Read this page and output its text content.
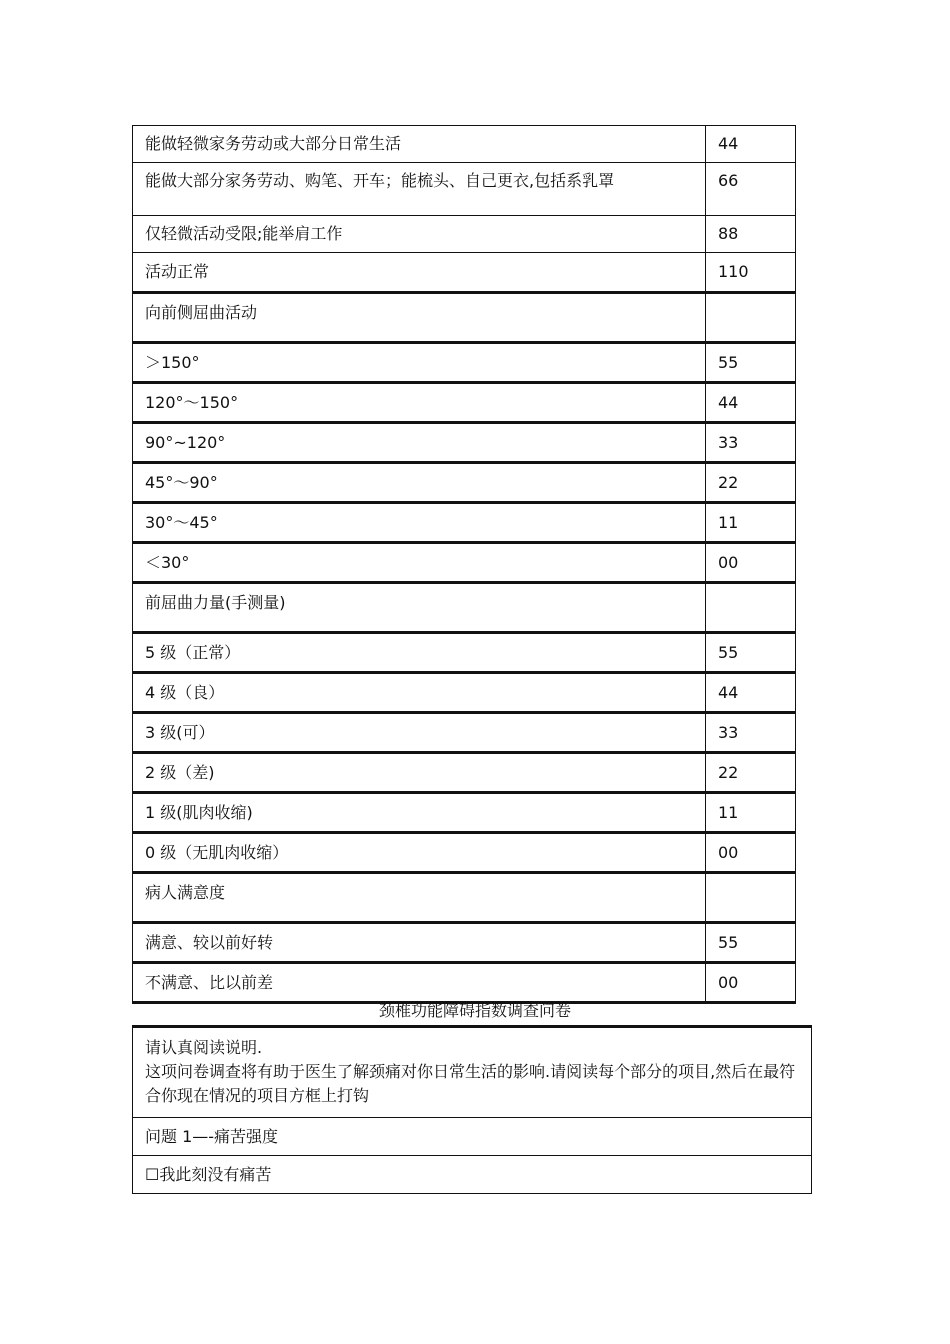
能做轻微家务劳动或大部分日常生活	44
能做大部分家务劳动、购笔、开车；能梳头、自己更衣,包括系乳罩	66
仅轻微活动受限;能举肩工作	88
活动正常	110
向前侧屈曲活动	
＞150°	55
120°～150°	44
90°~120°	33
45°～90°	22
30°～45°	11
＜30°	00
前屈曲力量(手测量)	
5 级（正常）	55
4 级（良）	44
3 级(可）	33
2 级（差)	22
1 级(肌肉收缩)	11
0 级（无肌肉收缩）	00
病人满意度	
满意、较以前好转	55
不满意、比以前差	00
颈椎功能障碍指数调查问卷
请认真阅读说明.
这项问卷调查将有助于医生了解颈痛对你日常生活的影响.请阅读每个部分的项目,然后在最符合你现在情况的项目方框上打钩

问题 1—-痛苦强度
☐我此刻没有痛苦
